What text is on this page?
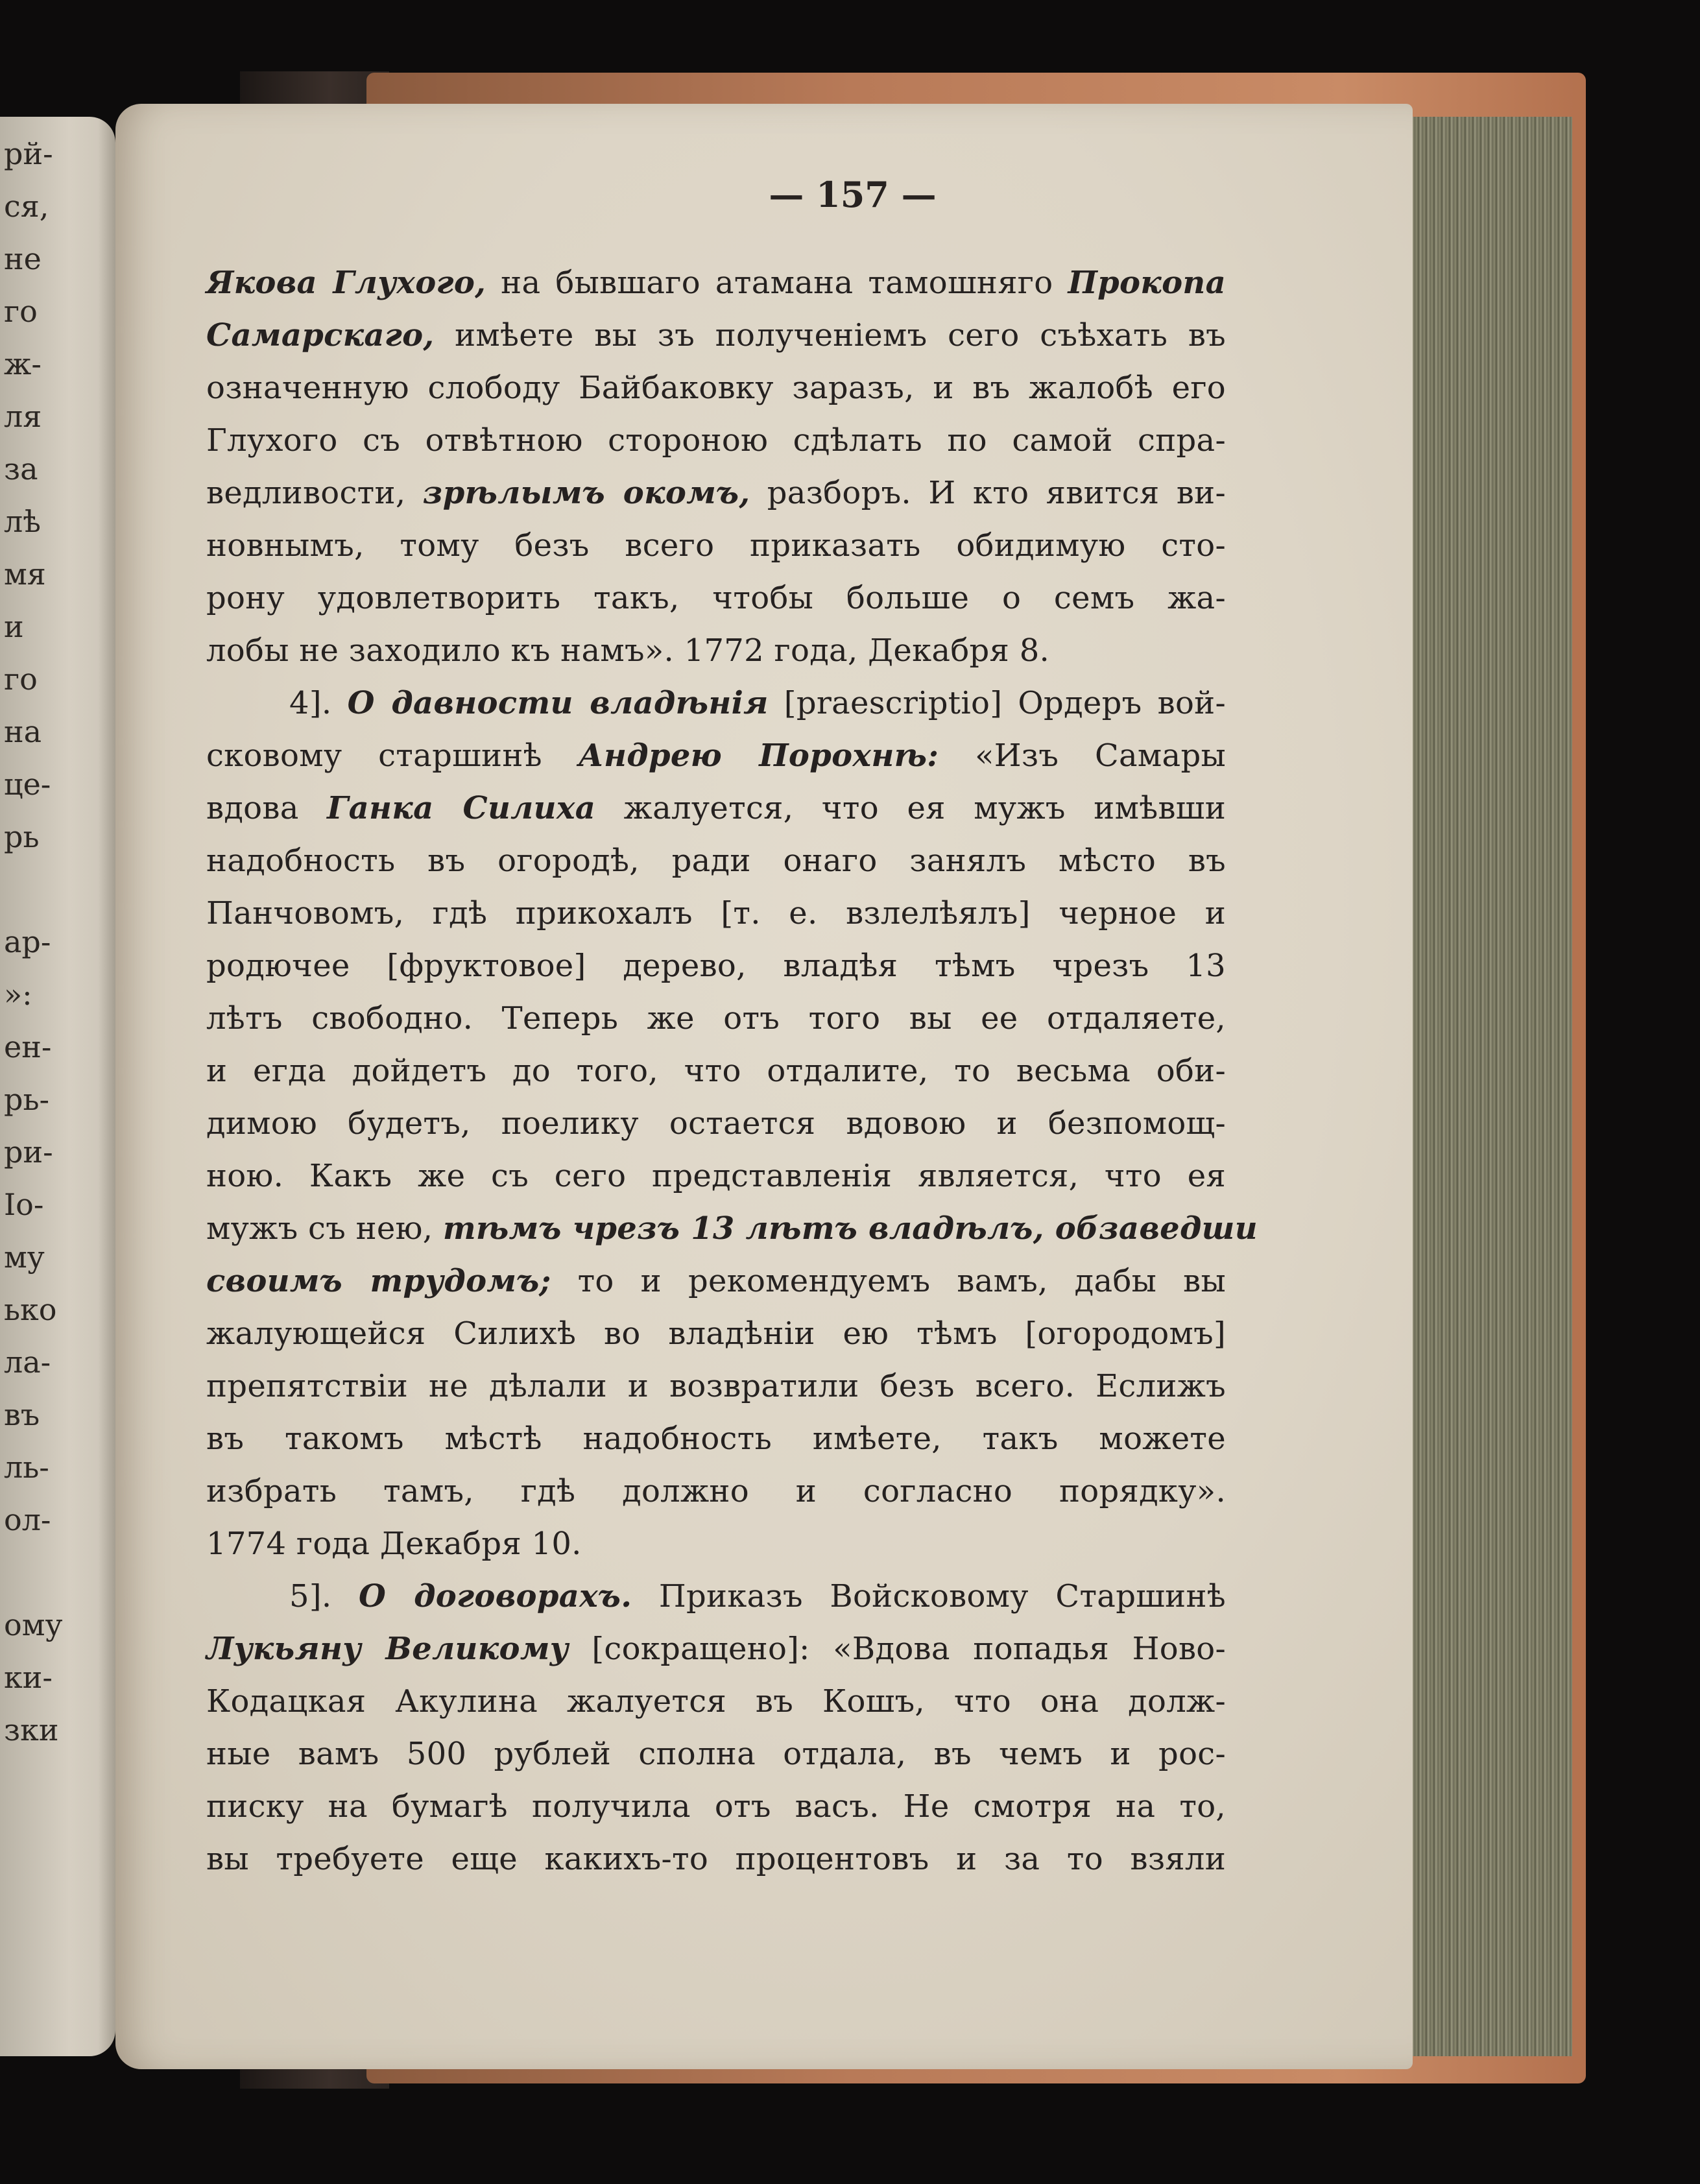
рй-
ся,
не
го
ж-
ля
за
лѣ
мя
и
го
на
це-
рь
ар-
»:
ен-
рь-
ри-
Іо-
му
ько
ла-
въ
ль-
ол-
ому
ки-
зки
— 157 —
Якова Глухого, на бывшаго атамана тамошняго Прокопа
Самарскаго, имѣете вы зъ полученіемъ сего съѣхать въ
означенную слободу Байбаковку заразъ, и въ жалобѣ его
Глухого съ отвѣтною стороною сдѣлать по самой спра-
ведливости, зрѣлымъ окомъ, разборъ. И кто явится ви-
новнымъ, тому безъ всего приказать обидимую сто-
рону удовлетворить такъ, чтобы больше о семъ жа-
лобы не заходило къ намъ». 1772 года, Декабря 8.
4]. О давности владѣнія [praescriptio] Ордеръ вой-
сковому старшинѣ Андрею Порохнѣ: «Изъ Самары
вдова Ганка Силиха жалуется, что ея мужъ имѣвши
надобность въ огородѣ, ради онаго занялъ мѣсто въ
Панчовомъ, гдѣ прикохалъ [т. е. взлелѣялъ] черное и
родючее [фруктовое] дерево, владѣя тѣмъ чрезъ 13
лѣтъ свободно. Теперь же отъ того вы ее отдаляете,
и егда дойдетъ до того, что отдалите, то весьма оби-
димою будетъ, поелику остается вдовою и безпомощ-
ною. Какъ же съ сего представленія является, что ея
мужъ съ нею, тѣмъ чрезъ 13 лѣтъ владѣлъ, обзаведши
своимъ трудомъ; то и рекомендуемъ вамъ, дабы вы
жалующейся Силихѣ во владѣніи ею тѣмъ [огородомъ]
препятствіи не дѣлали и возвратили безъ всего. Еслижъ
въ такомъ мѣстѣ надобность имѣете, такъ можете
избрать тамъ, гдѣ должно и согласно порядку».
1774 года Декабря 10.
5]. О договорахъ. Приказъ Войсковому Старшинѣ
Лукьяну Великому [сокращено]: «Вдова попадья Ново-
Кодацкая Акулина жалуется въ Кошъ, что она долж-
ные вамъ 500 рублей сполна отдала, въ чемъ и рос-
писку на бумагѣ получила отъ васъ. Не смотря на то,
вы требуете еще какихъ-то процентовъ и за то взяли
